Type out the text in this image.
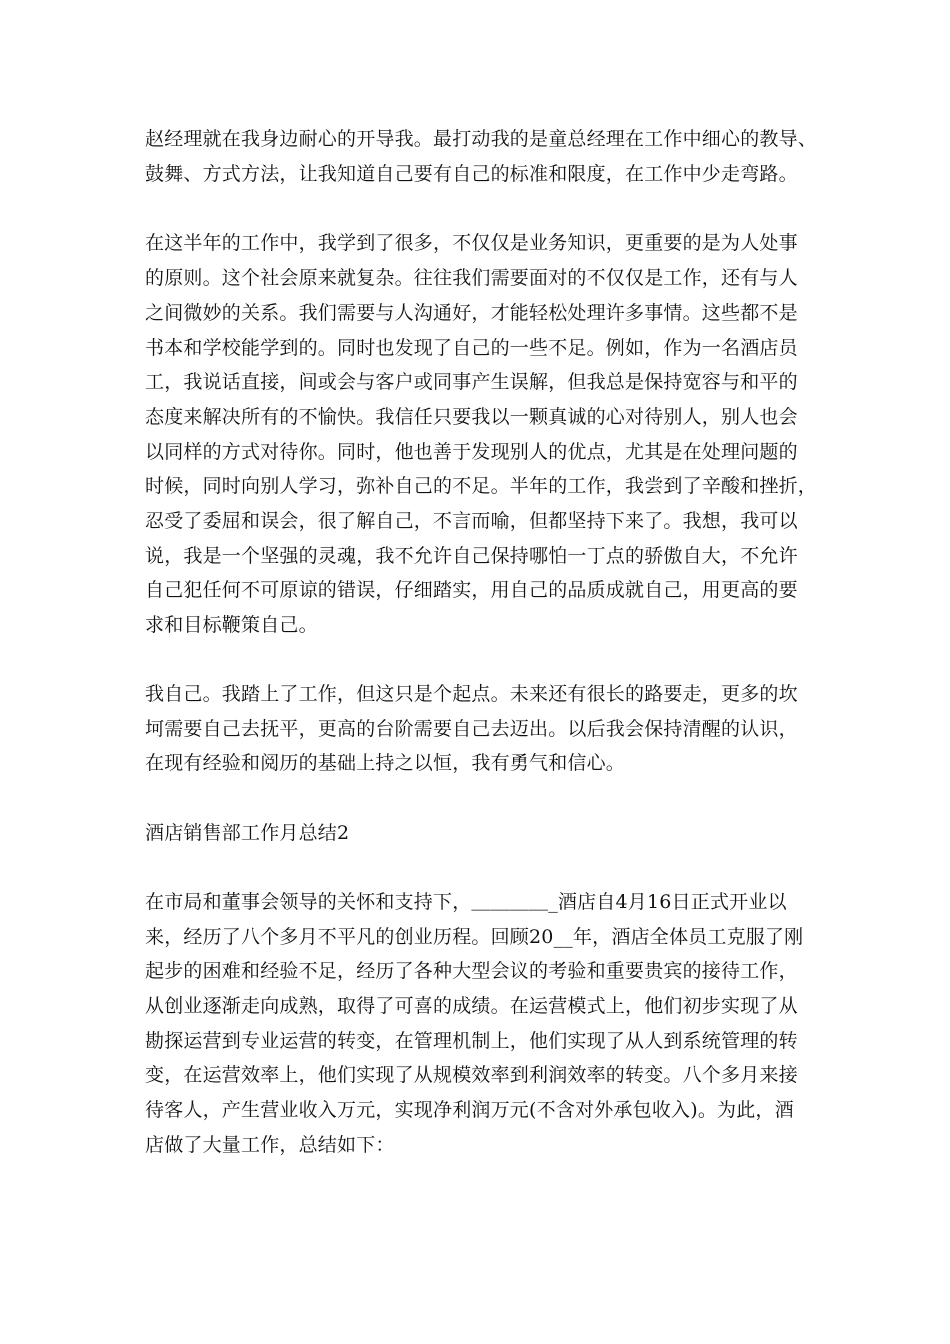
赵经理就在我身边耐心的开导我。最打动我的是童总经理在工作中细心的教导、
鼓舞、方式方法，让我知道自己要有自己的标准和限度，在工作中少走弯路。
在这半年的工作中，我学到了很多，不仅仅是业务知识，更重要的是为人处事
的原则。这个社会原来就复杂。往往我们需要面对的不仅仅是工作，还有与人
之间微妙的关系。我们需要与人沟通好，才能轻松处理许多事情。这些都不是
书本和学校能学到的。同时也发现了自己的一些不足。例如，作为一名酒店员
工，我说话直接，间或会与客户或同事产生误解，但我总是保持宽容与和平的
态度来解决所有的不愉快。我信任只要我以一颗真诚的心对待别人，别人也会
以同样的方式对待你。同时，他也善于发现别人的优点，尤其是在处理问题的
时候，同时向别人学习，弥补自己的不足。半年的工作，我尝到了辛酸和挫折，
忍受了委屈和误会，很了解自己，不言而喻，但都坚持下来了。我想，我可以
说，我是一个坚强的灵魂，我不允许自己保持哪怕一丁点的骄傲自大，不允许
自己犯任何不可原谅的错误，仔细踏实，用自己的品质成就自己，用更高的要
求和目标鞭策自己。
我自己。我踏上了工作，但这只是个起点。未来还有很长的路要走，更多的坎
坷需要自己去抚平，更高的台阶需要自己去迈出。以后我会保持清醒的认识，
在现有经验和阅历的基础上持之以恒，我有勇气和信心。
酒店销售部工作月总结2
在市局和董事会领导的关怀和支持下，＿＿＿＿_酒店自4月16日正式开业以
来，经历了八个多月不平凡的创业历程。回顾20__年，酒店全体员工克服了刚
起步的困难和经验不足，经历了各种大型会议的考验和重要贵宾的接待工作，
从创业逐渐走向成熟，取得了可喜的成绩。在运营模式上，他们初步实现了从
勘探运营到专业运营的转变，在管理机制上，他们实现了从人到系统管理的转
变，在运营效率上，他们实现了从规模效率到利润效率的转变。八个多月来接
待客人，产生营业收入万元，实现净利润万元(不含对外承包收入)。为此，酒
店做了大量工作，总结如下：
